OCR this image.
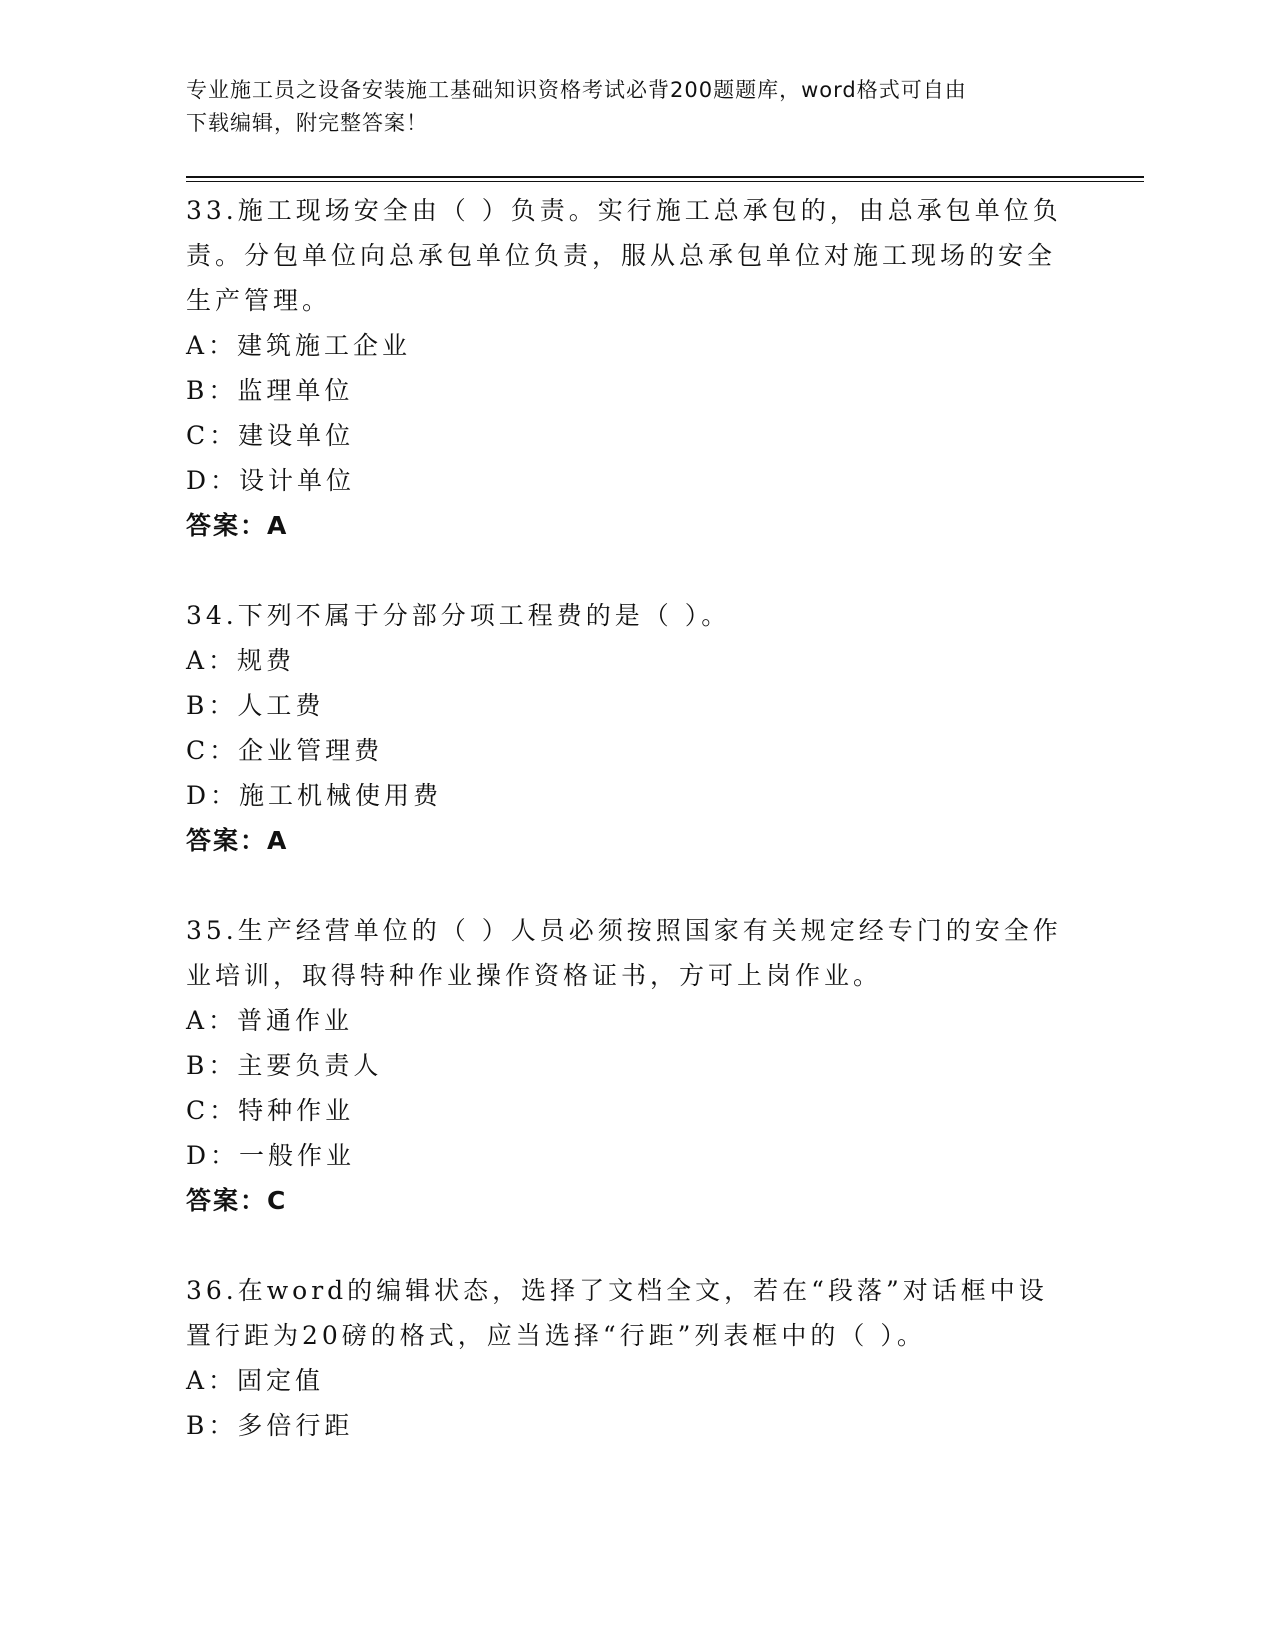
专业施工员之设备安装施工基础知识资格考试必背200题题库，word格式可自由
下载编辑，附完整答案！
33.施工现场安全由（ ）负责。实行施工总承包的，由总承包单位负责。分包单位向总承包单位负责，服从总承包单位对施工现场的安全生产管理。
A：建筑施工企业
B：监理单位
C：建设单位
D：设计单位
答案：A
34.下列不属于分部分项工程费的是（ ）。
A：规费
B：人工费
C：企业管理费
D：施工机械使用费
答案：A
35.生产经营单位的（ ）人员必须按照国家有关规定经专门的安全作业培训，取得特种作业操作资格证书，方可上岗作业。
A：普通作业
B：主要负责人
C：特种作业
D：一般作业
答案：C
36.在word的编辑状态，选择了文档全文，若在“段落”对话框中设置行距为20磅的格式，应当选择“行距”列表框中的（ ）。
A：固定值
B：多倍行距
